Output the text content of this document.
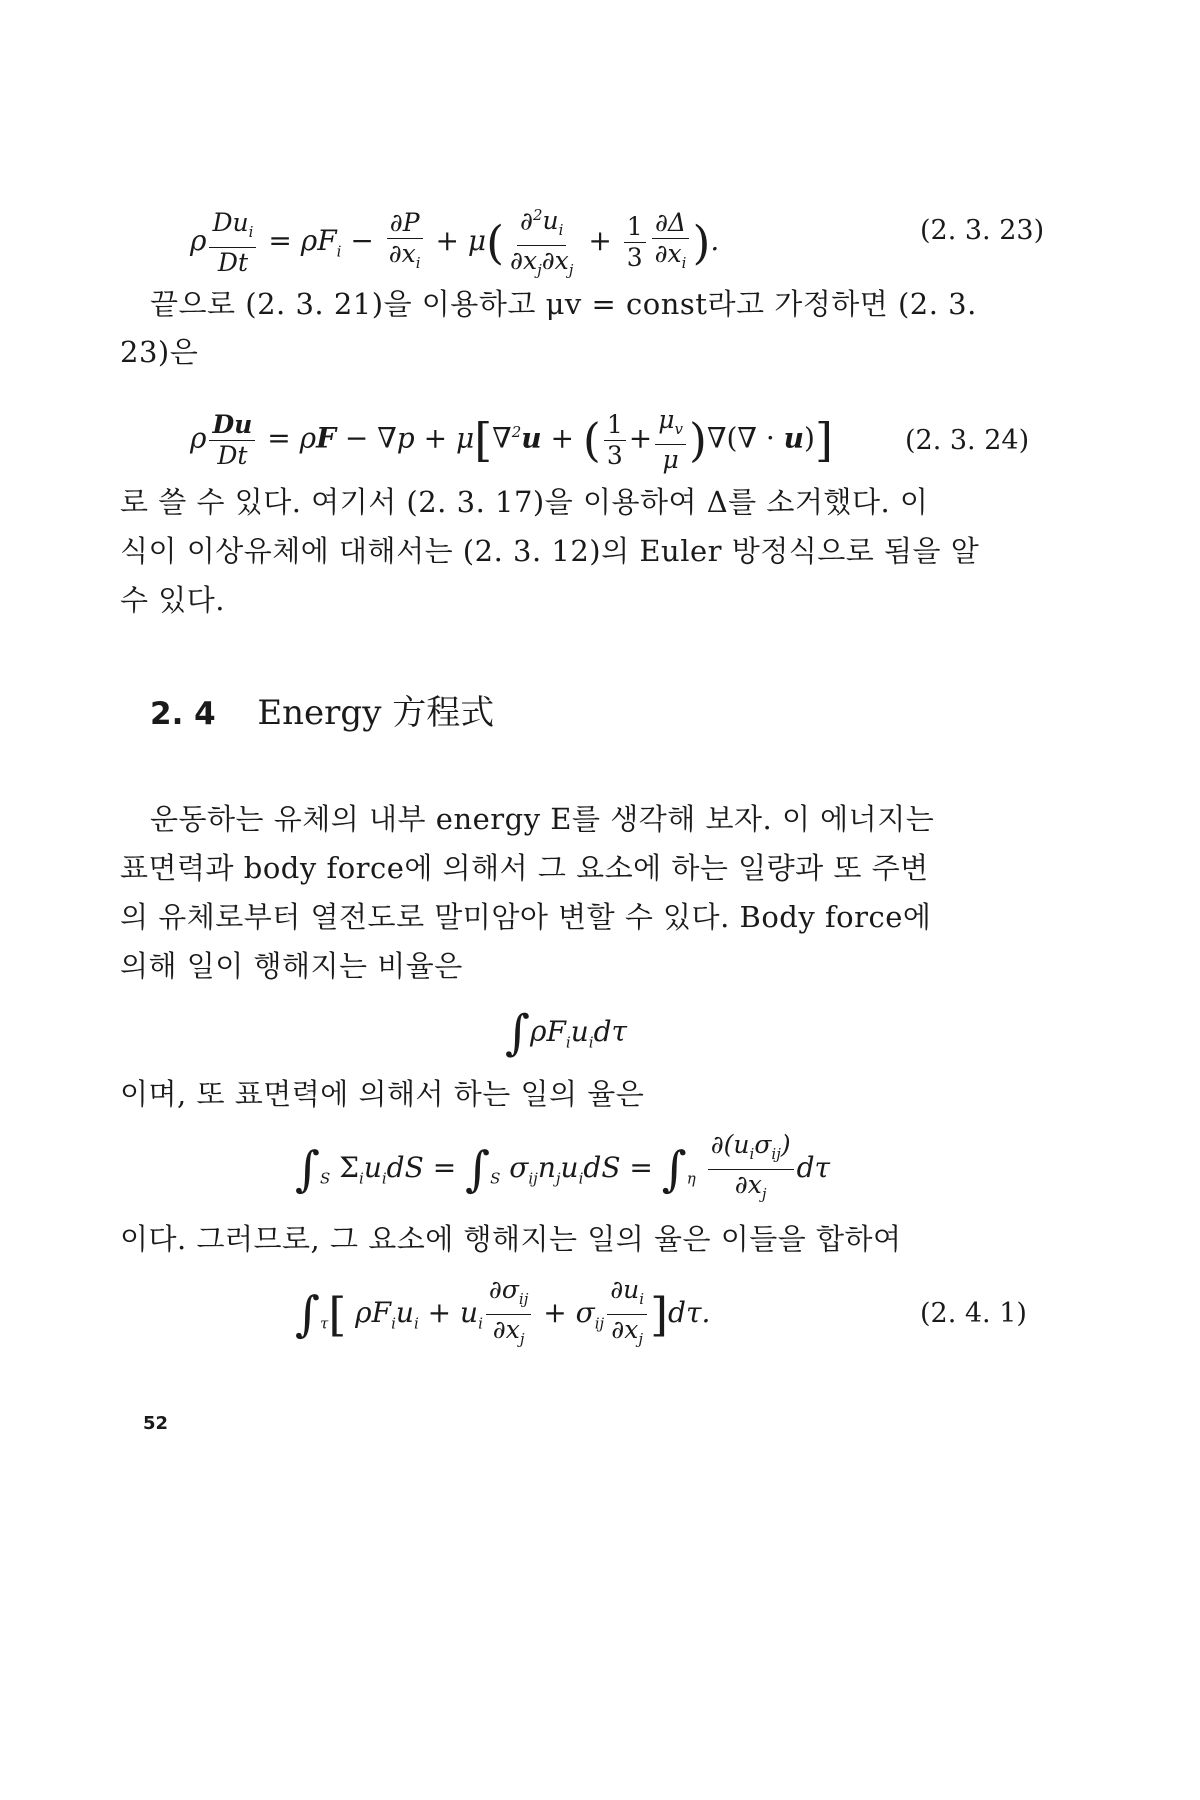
ρ $\frac{Du_i}{Dt} = \rho F_i - \frac{\partial P}{\partial x_i} + \mu( \frac{\partial^2u_i}{\partial x_j\partial x_j} + \frac{1}{3} \frac{\partial\Delta}{\partial x_i}$ ).	(2. 3. 23)
끝으로 (2. 3. 21)을 이용하고 μv = const라고 가정하면 (2. 3.
23)은
ρ $\frac{Du}{Dt} = \rho F - \nabla p + \mu[\nabla^2u$ + ( $\frac{1}{3} + \frac{\mu_v}{\mu}$ )∇(∇ · u)]	(2. 3. 24)
로 쓸 수 있다. 여기서 (2. 3. 17)을 이용하여 Δ를 소거했다. 이
식이 이상유체에 대해서는 (2. 3. 12)의 Euler 방정식으로 됨을 알
수 있다.
2. 4 Energy 方程式
운동하는 유체의 내부 energy E를 생각해 보자. 이 에너지는
표면력과 body force에 의해서 그 요소에 하는 일량과 또 주변
의 유체로부터 열전도로 말미암아 변할 수 있다. Body force에
의해 일이 행해지는 비율은
$\int\rho F_iu_id\tau$
이며, 또 표면력에 의해서 하는 일의 율은
$\int_S$ $\Sigma_iu_idS = \int_S$ $\sigma_{ij}n_ju_idS = \int_\eta \frac{\partial(u_i\sigma_{ij})}{\partial x_j}$ dτ
이다. 그러므로, 그 요소에 행해지는 일의 율은 이들을 합하여
$\int_\tau$[ $\rho F_iu_i + u_i \frac{\partial\sigma_{ij}}{\partial x_j} + \sigma_{ij} \frac{\partial u_i}{\partial x_j} ]d\tau$.	(2. 4. 1)
52
